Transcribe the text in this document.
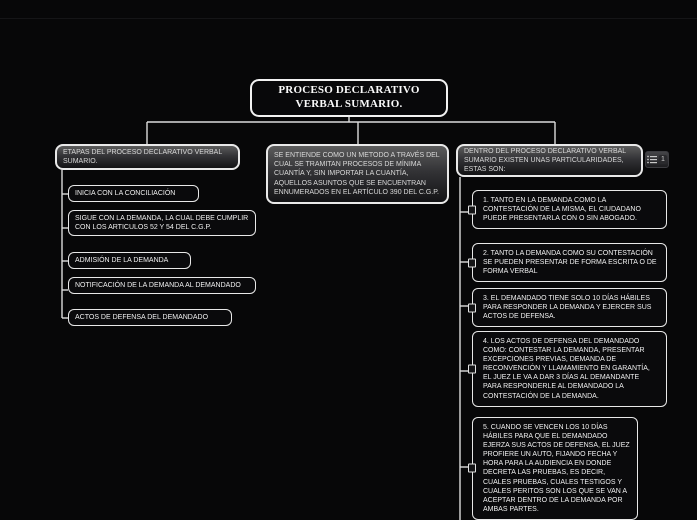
PROCESO DECLARATIVO VERBAL SUMARIO.
ETAPAS DEL PROCESO DECLARATIVO VERBAL SUMARIO.
INICIA CON LA CONCILIACIÓN
SIGUE CON LA DEMANDA, LA CUAL DEBE CUMPLIR CON LOS ARTICULOS 52 Y 54 DEL C.G.P.
ADMISIÓN DE LA DEMANDA
NOTIFICACIÓN DE LA DEMANDA AL DEMANDADO
ACTOS DE DEFENSA DEL DEMANDADO
SE ENTIENDE COMO UN METODO A TRAVÉS DEL CUAL SE TRAMITAN PROCESOS DE MÍNIMA CUANTÍA Y, SIN IMPORTAR LA CUANTÍA, AQUELLOS ASUNTOS QUE SE ENCUENTRAN ENNUMERADOS EN EL ARTÍCULO 390 DEL C.G.P.
DENTRO DEL PROCESO DECLARATIVO VERBAL SUMARIO EXISTEN UNAS PARTICULARIDADES, ESTAS SON:
1
1. TANTO EN LA DEMANDA COMO LA CONTESTACIÓN DE LA MISMA, EL CIUDADANO PUEDE PRESENTARLA CON O SIN ABOGADO.
2. TANTO LA DEMANDA COMO SU CONTESTACIÓN SE PUEDEN PRESENTAR DE FORMA ESCRITA O DE FORMA VERBAL
3. EL DEMANDADO TIENE SOLO 10 DÍAS HÁBILES PARA RESPONDER LA DEMANDA Y EJERCER SUS ACTOS DE DEFENSA.
4. LOS ACTOS DE DEFENSA DEL DEMANDADO COMO: CONTESTAR LA DEMANDA, PRESENTAR EXCEPCIONES PREVIAS, DEMANDA DE RECONVENCIÓN Y LLAMAMIENTO EN GARANTÍA, EL JUEZ LE VA A DAR 3 DÍAS AL DEMANDANTE PARA RESPONDERLE AL DEMANDADO LA CONTESTACIÓN DE LA DEMANDA.
5. CUANDO SE VENCEN LOS 10 DÍAS HÁBILES PARA QUE EL DEMANDADO EJERZA SUS ACTOS DE DEFENSA, EL JUEZ PROFIERE UN AUTO, FIJANDO FECHA Y HORA PARA LA AUDIENCIA EN DONDE DECRETA LAS PRUEBAS, ES DECIR, CUALES PRUEBAS, CUALES TESTIGOS Y CUALES PERITOS SON LOS QUE SE VAN A ACEPTAR DENTRO DE LA DEMANDA POR AMBAS PARTES.
